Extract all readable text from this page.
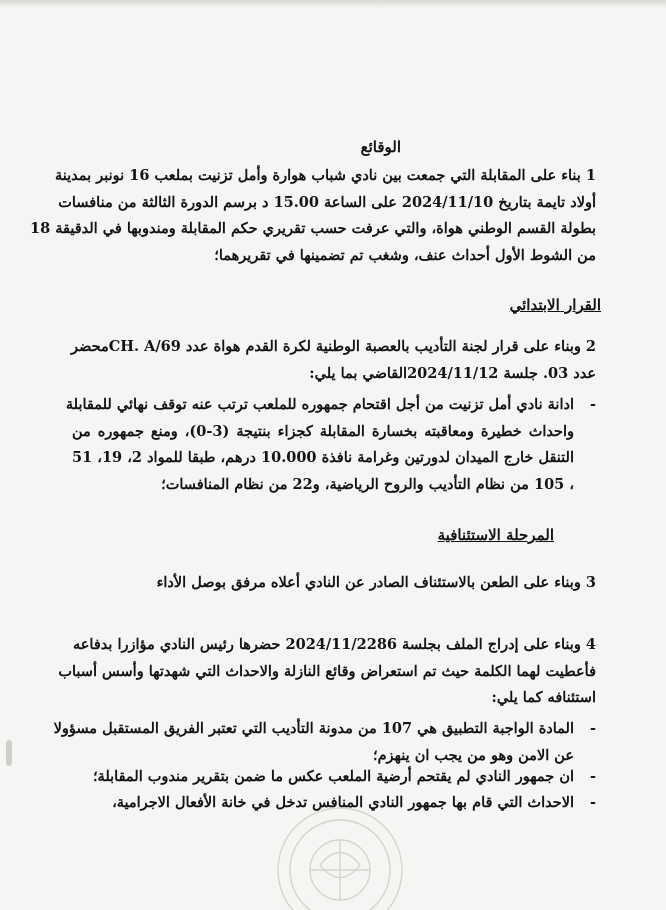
الوقائع
1 بناء على المقابلة التي جمعت بين نادي شباب هوارة وأمل تزنيت بملعب 16 نونبر بمدينة
أولاد تايمة بتاريخ 2024/11/10 على الساعة 15.00 د برسم الدورة الثالثة من منافسات
بطولة القسم الوطني هواة، والتي عرفت حسب تقريري حكم المقابلة ومندوبها في الدقيقة 18
من الشوط الأول أحداث عنف، وشغب تم تضمينها في تقريرهما؛
القرار الابتدائي
2 وبناء على قرار لجنة التأديب بالعصبة الوطنية لكرة القدم هواة عدد 69/CH. Aمحضر
عدد 03. جلسة 2024/11/12القاضي بما يلي:
-
ادانة نادي أمل تزنيت من أجل اقتحام جمهوره للملعب ترتب عنه توقف نهائي للمقابلة
واحداث خطيرة ومعاقبته بخسارة المقابلة كجزاء بنتيجة (3-0)، ومنع جمهوره من
التنقل خارج الميدان لدورتين وغرامة نافذة 10.000 درهم، طبقا للمواد 2، 19، 51
، 105 من نظام التأديب والروح الرياضية، و22 من نظام المنافسات؛
المرحلة الاستئنافية
3 وبناء على الطعن بالاستئناف الصادر عن النادي أعلاه مرفق بوصل الأداء
4 وبناء على إدراج الملف بجلسة 2024/11/2286 حضرها رئيس النادي مؤازرا بدفاعه
فأعطيت لهما الكلمة حيث تم استعراض وقائع النازلة والاحداث التي شهدتها وأسس أسباب
استئنافه كما يلي:
-
المادة الواجبة التطبيق هي 107 من مدونة التأديب التي تعتبر الفريق المستقبل مسؤولا
عن الامن وهو من يجب ان ينهزم؛
-
ان جمهور النادي لم يقتحم أرضية الملعب عكس ما ضمن بتقرير مندوب المقابلة؛
-
الاحداث التي قام بها جمهور النادي المنافس تدخل في خانة الأفعال الاجرامية،
